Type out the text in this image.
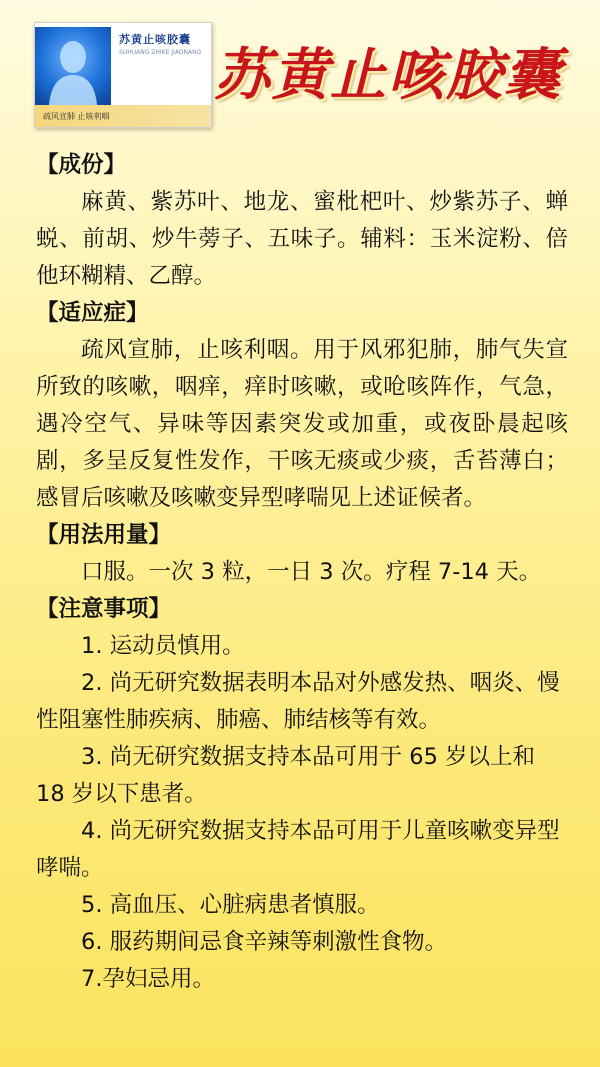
苏黄止咳胶囊
SUHUANG ZHIKE JIAONANG
疏风宣肺 止咳利咽
苏黄止咳胶囊
【成份】

麻黄、紫苏叶、地龙、蜜枇杷叶、炒紫苏子、蝉蜕、前胡、炒牛蒡子、五味子。辅料：玉米淀粉、倍他环糊精、乙醇。

【适应症】

疏风宣肺，止咳利咽。用于风邪犯肺，肺气失宣所致的咳嗽，咽痒，痒时咳嗽，或呛咳阵作，气急，遇冷空气、异味等因素突发或加重，或夜卧晨起咳剧，多呈反复性发作，干咳无痰或少痰，舌苔薄白；感冒后咳嗽及咳嗽变异型哮喘见上述证候者。

【用法用量】

口服。一次 3 粒，一日 3 次。疗程 7-14 天。

【注意事项】

1. 运动员慎用。

2. 尚无研究数据表明本品对外感发热、咽炎、慢性阻塞性肺疾病、肺癌、肺结核等有效。

3. 尚无研究数据支持本品可用于 65 岁以上和 18 岁以下患者。

4. 尚无研究数据支持本品可用于儿童咳嗽变异型哮喘。

5. 高血压、心脏病患者慎服。

6. 服药期间忌食辛辣等刺激性食物。

7.孕妇忌用。
